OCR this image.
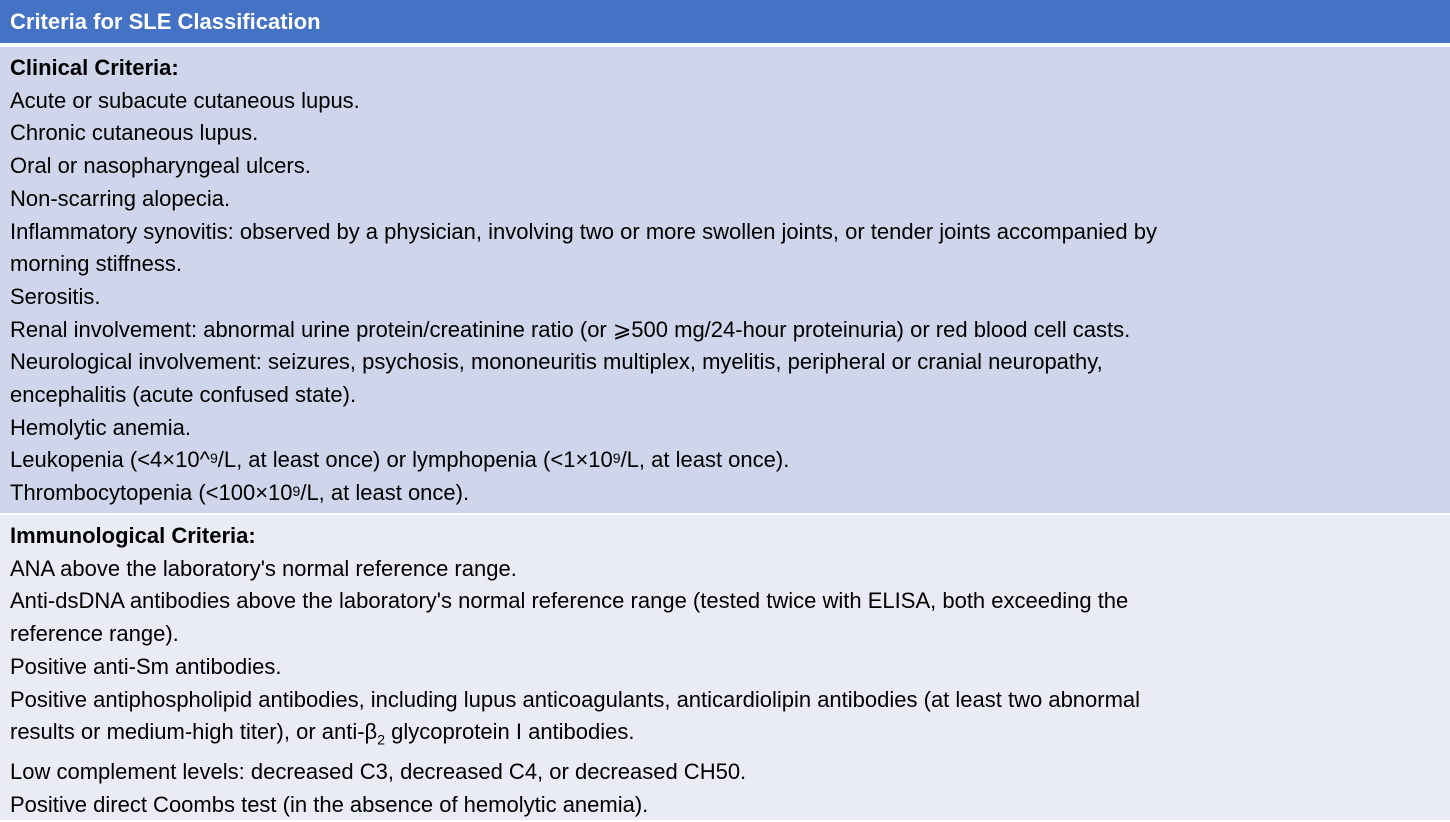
Criteria for SLE Classification
Clinical Criteria:
Acute or subacute cutaneous lupus.
Chronic cutaneous lupus.
Oral or nasopharyngeal ulcers.
Non-scarring alopecia.
Inflammatory synovitis: observed by a physician, involving two or more swollen joints, or tender joints accompanied by
morning stiffness.
Serositis.
Renal involvement: abnormal urine protein/creatinine ratio (or ⩾500 mg/24-hour proteinuria) or red blood cell casts.
Neurological involvement: seizures, psychosis, mononeuritis multiplex, myelitis, peripheral or cranial neuropathy,
encephalitis (acute confused state).
Hemolytic anemia.
Leukopenia (<4×10^$^9$/L, at least once) or lymphopenia ($<1\times 10^9/L$, at least once).
Thrombocytopenia ($<100\times 10^9/L$, at least once).
Immunological Criteria:
ANA above the laboratory's normal reference range.
Anti-dsDNA antibodies above the laboratory's normal reference range (tested twice with ELISA, both exceeding the
reference range).
Positive anti-Sm antibodies.
Positive antiphospholipid antibodies, including lupus anticoagulants, anticardiolipin antibodies (at least two abnormal
results or medium-high titer), or anti-$\beta_2$ glycoprotein I antibodies.
Low complement levels: decreased C3, decreased C4, or decreased CH50.
Positive direct Coombs test (in the absence of hemolytic anemia).
